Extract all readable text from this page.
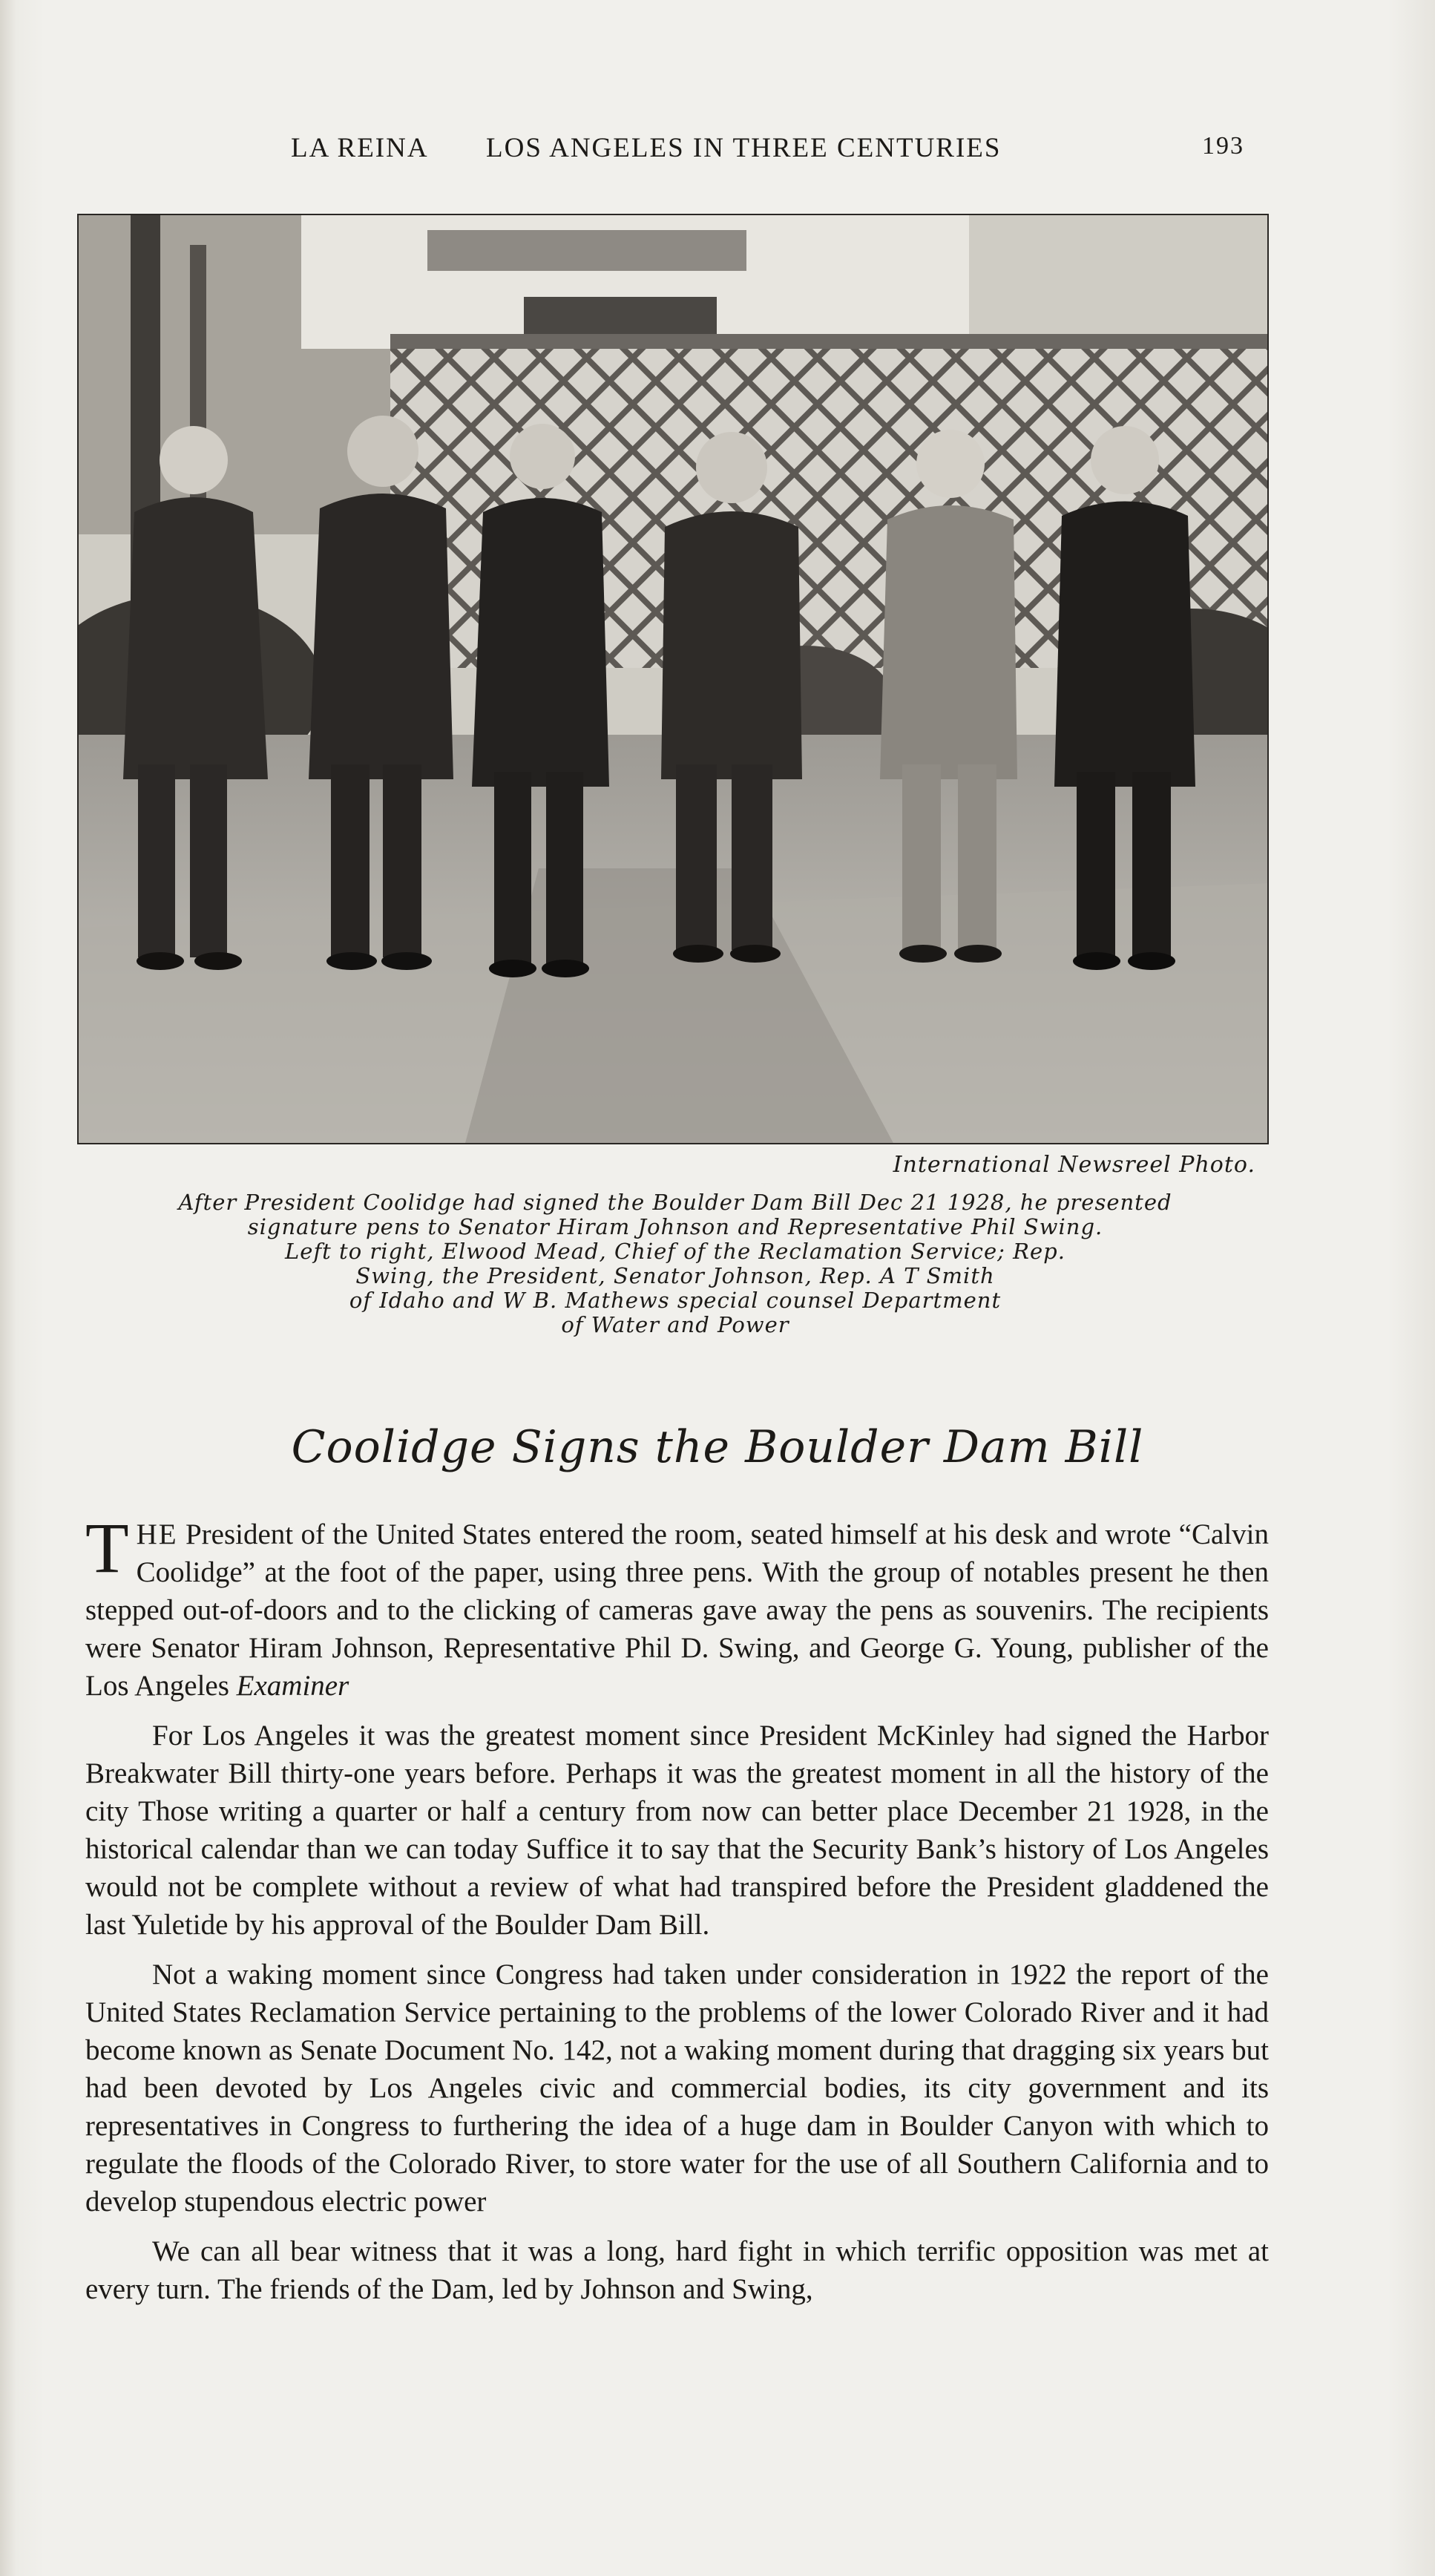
LA REINA LOS ANGELES IN THREE CENTURIES	193
International Newsreel Photo.
After President Coolidge had signed the Boulder Dam Bill Dec 21 1928, he presented
signature pens to Senator Hiram Johnson and Representative Phil Swing.
Left to right, Elwood Mead, Chief of the Reclamation Service; Rep.
Swing, the President, Senator Johnson, Rep. A T Smith
of Idaho and W B. Mathews special counsel Department
of Water and Power
Coolidge Signs the Boulder Dam Bill

THE President of the United States entered the room, seated himself at his desk and wrote “Calvin Coolidge” at the foot of the paper, using three pens. With the group of notables present he then stepped out-of-doors and to the clicking of cameras gave away the pens as souvenirs. The recipients were Senator Hiram Johnson, Representative Phil D. Swing, and George G. Young, publisher of the Los Angeles Examiner

For Los Angeles it was the greatest moment since President McKinley had signed the Harbor Breakwater Bill thirty-one years before. Perhaps it was the greatest moment in all the history of the city Those writing a quarter or half a century from now can better place December 21 1928, in the historical calendar than we can today Suffice it to say that the Security Bank’s history of Los Angeles would not be complete without a review of what had transpired before the President gladdened the last Yuletide by his approval of the Boulder Dam Bill.

Not a waking moment since Congress had taken under consideration in 1922 the report of the United States Reclamation Service pertaining to the problems of the lower Colorado River and it had become known as Senate Document No. 142, not a waking moment during that dragging six years but had been devoted by Los Angeles civic and commercial bodies, its city government and its representatives in Congress to furthering the idea of a huge dam in Boulder Canyon with which to regulate the floods of the Colorado River, to store water for the use of all Southern California and to develop stupendous electric power

We can all bear witness that it was a long, hard fight in which terrific opposition was met at every turn. The friends of the Dam, led by Johnson and Swing,
